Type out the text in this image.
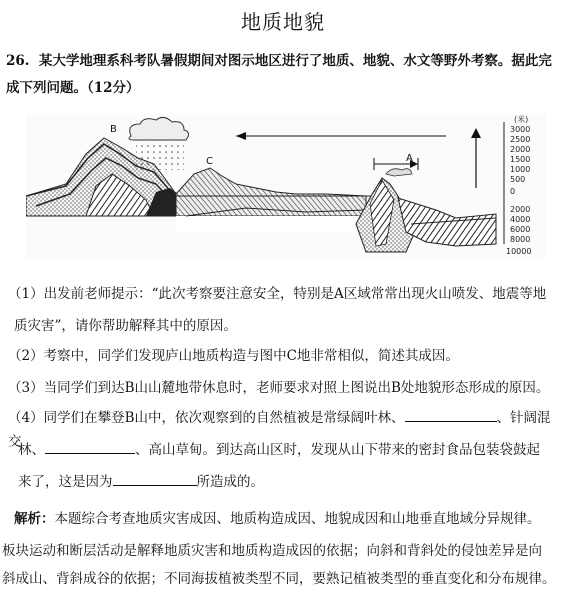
地质地貌
26. 某大学地理系科考队暑假期间对图示地区进行了地质、地貌、水文等野外考察。据此完成下列问题。（12分）
B
C	A
(米)
3000
2500
2000
1500
1000
500
0
2000
4000
6000
8000
10000
（1）出发前老师提示：“此次考察要注意安全，特别是A区域常常出现火山喷发、地震等地
质灾害”，请你帮助解释其中的原因。
（2）考察中，同学们发现庐山地质构造与图中C地非常相似，简述其成因。
（3）当同学们到达B山山麓地带休息时，老师要求对照上图说出B处地貌形态形成的原因。
（4）同学们在攀登B山中，依次观察到的自然植被是常绿阔叶林、	、针阔混交
林、	、高山草甸。到达高山区时，发现从山下带来的密封食品包装袋鼓起
来了，这是因为	所造成的。
解析：本题综合考查地质灾害成因、地质构造成因、地貌成因和山地垂直地域分异规律。
板块运动和断层活动是解释地质灾害和地质构造成因的依据；向斜和背斜处的侵蚀差异是向
斜成山、背斜成谷的依据；不同海拔植被类型不同，要熟记植被类型的垂直变化和分布规律。
